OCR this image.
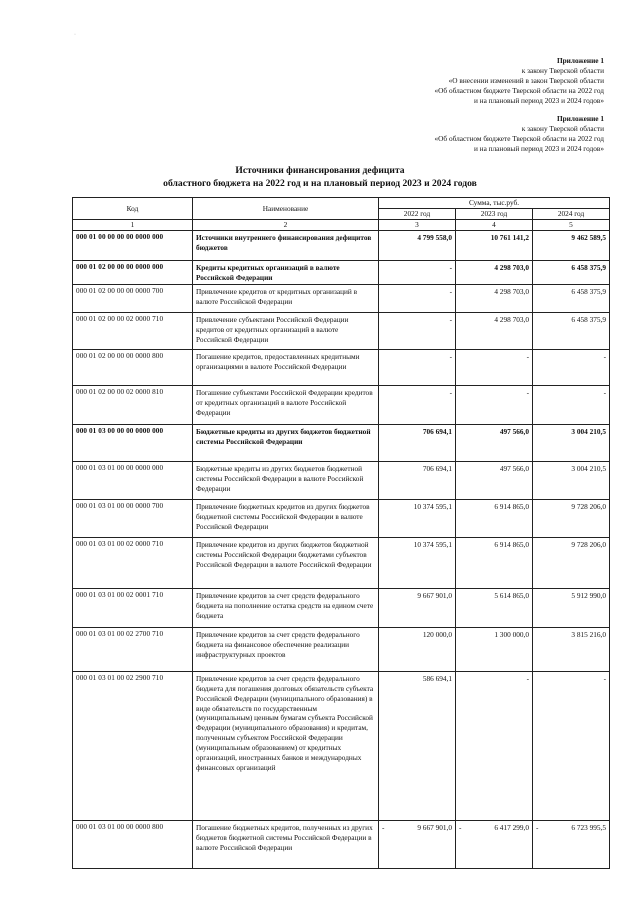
·
Приложение 1
к закону Тверской области
«О внесении изменений в закон Тверской области
«Об областном бюджете Тверской области на 2022 год
и на плановый период 2023 и 2024 годов»
Приложение 1
к закону Тверской области
«Об областном бюджете Тверской области на 2022 год
и на плановый период 2023 и 2024 годов»
Источники финансирования дефицита
областного бюджета на 2022 год и на плановый период 2023 и 2024 годов
Код	Наименование	Сумма, тыс.руб.		
		2022 год	2023 год	2024 год
1	2	3	4	5
000 01 00 00 00 00 0000 000	Источники внутреннего финансирования дефицитов бюджетов	4 799 558,0	10 761 141,2	9 462 589,5
000 01 02 00 00 00 0000 000	Кредиты кредитных организаций в валюте Российской Федерации	-	4 298 703,0	6 458 375,9
000 01 02 00 00 00 0000 700	Привлечение кредитов от кредитных организаций в валюте Российской Федерации	-	4 298 703,0	6 458 375,9
000 01 02 00 00 02 0000 710	Привлечение субъектами Российской Федерации кредитов от кредитных организаций в валюте Российской Федерации	-	4 298 703,0	6 458 375,9
000 01 02 00 00 00 0000 800	Погашение кредитов, предоставленных кредитными организациями в валюте Российской Федерации	-	-	-
000 01 02 00 00 02 0000 810	Погашение субъектами Российской Федерации кредитов от кредитных организаций в валюте Российской Федерации	-	-	-
000 01 03 00 00 00 0000 000	Бюджетные кредиты из других бюджетов бюджетной системы Российской Федерации	706 694,1	497 566,0	3 004 210,5
000 01 03 01 00 00 0000 000	Бюджетные кредиты из других бюджетов бюджетной системы Российской Федерации в валюте Российской Федерации	706 694,1	497 566,0	3 004 210,5
000 01 03 01 00 00 0000 700	Привлечение бюджетных кредитов из других бюджетов бюджетной системы Российской Федерации в валюте Российской Федерации	10 374 595,1	6 914 865,0	9 728 206,0
000 01 03 01 00 02 0000 710	Привлечение кредитов из других бюджетов бюджетной системы Российской Федерации бюджетами субъектов Российской Федерации в валюте Российской Федерации	10 374 595,1	6 914 865,0	9 728 206,0
000 01 03 01 00 02 0001 710	Привлечение кредитов за счет средств федерального бюджета на пополнение остатка средств на едином счете бюджета	9 667 901,0	5 614 865,0	5 912 990,0
000 01 03 01 00 02 2700 710	Привлечение кредитов за счет средств федерального бюджета на финансовое обеспечение реализации инфраструктурных проектов	120 000,0	1 300 000,0	3 815 216,0
000 01 03 01 00 02 2900 710	Привлечение кредитов за счет средств федерального бюджета для погашения долговых обязательств субъекта Российской Федерации (муниципального образования) в виде обязательств по государственным (муниципальным) ценным бумагам субъекта Российской Федерации (муниципального образования) и кредитам, полученным субъектом Российской Федерации (муниципальным образованием) от кредитных организаций, иностранных банков и международных финансовых организаций	586 694,1	-	-
000 01 03 01 00 00 0000 800	Погашение бюджетных кредитов, полученных из других бюджетов бюджетной системы Российской Федерации в валюте Российской Федерации	- 9 667 901,0	- 6 417 299,0	- 6 723 995,5
